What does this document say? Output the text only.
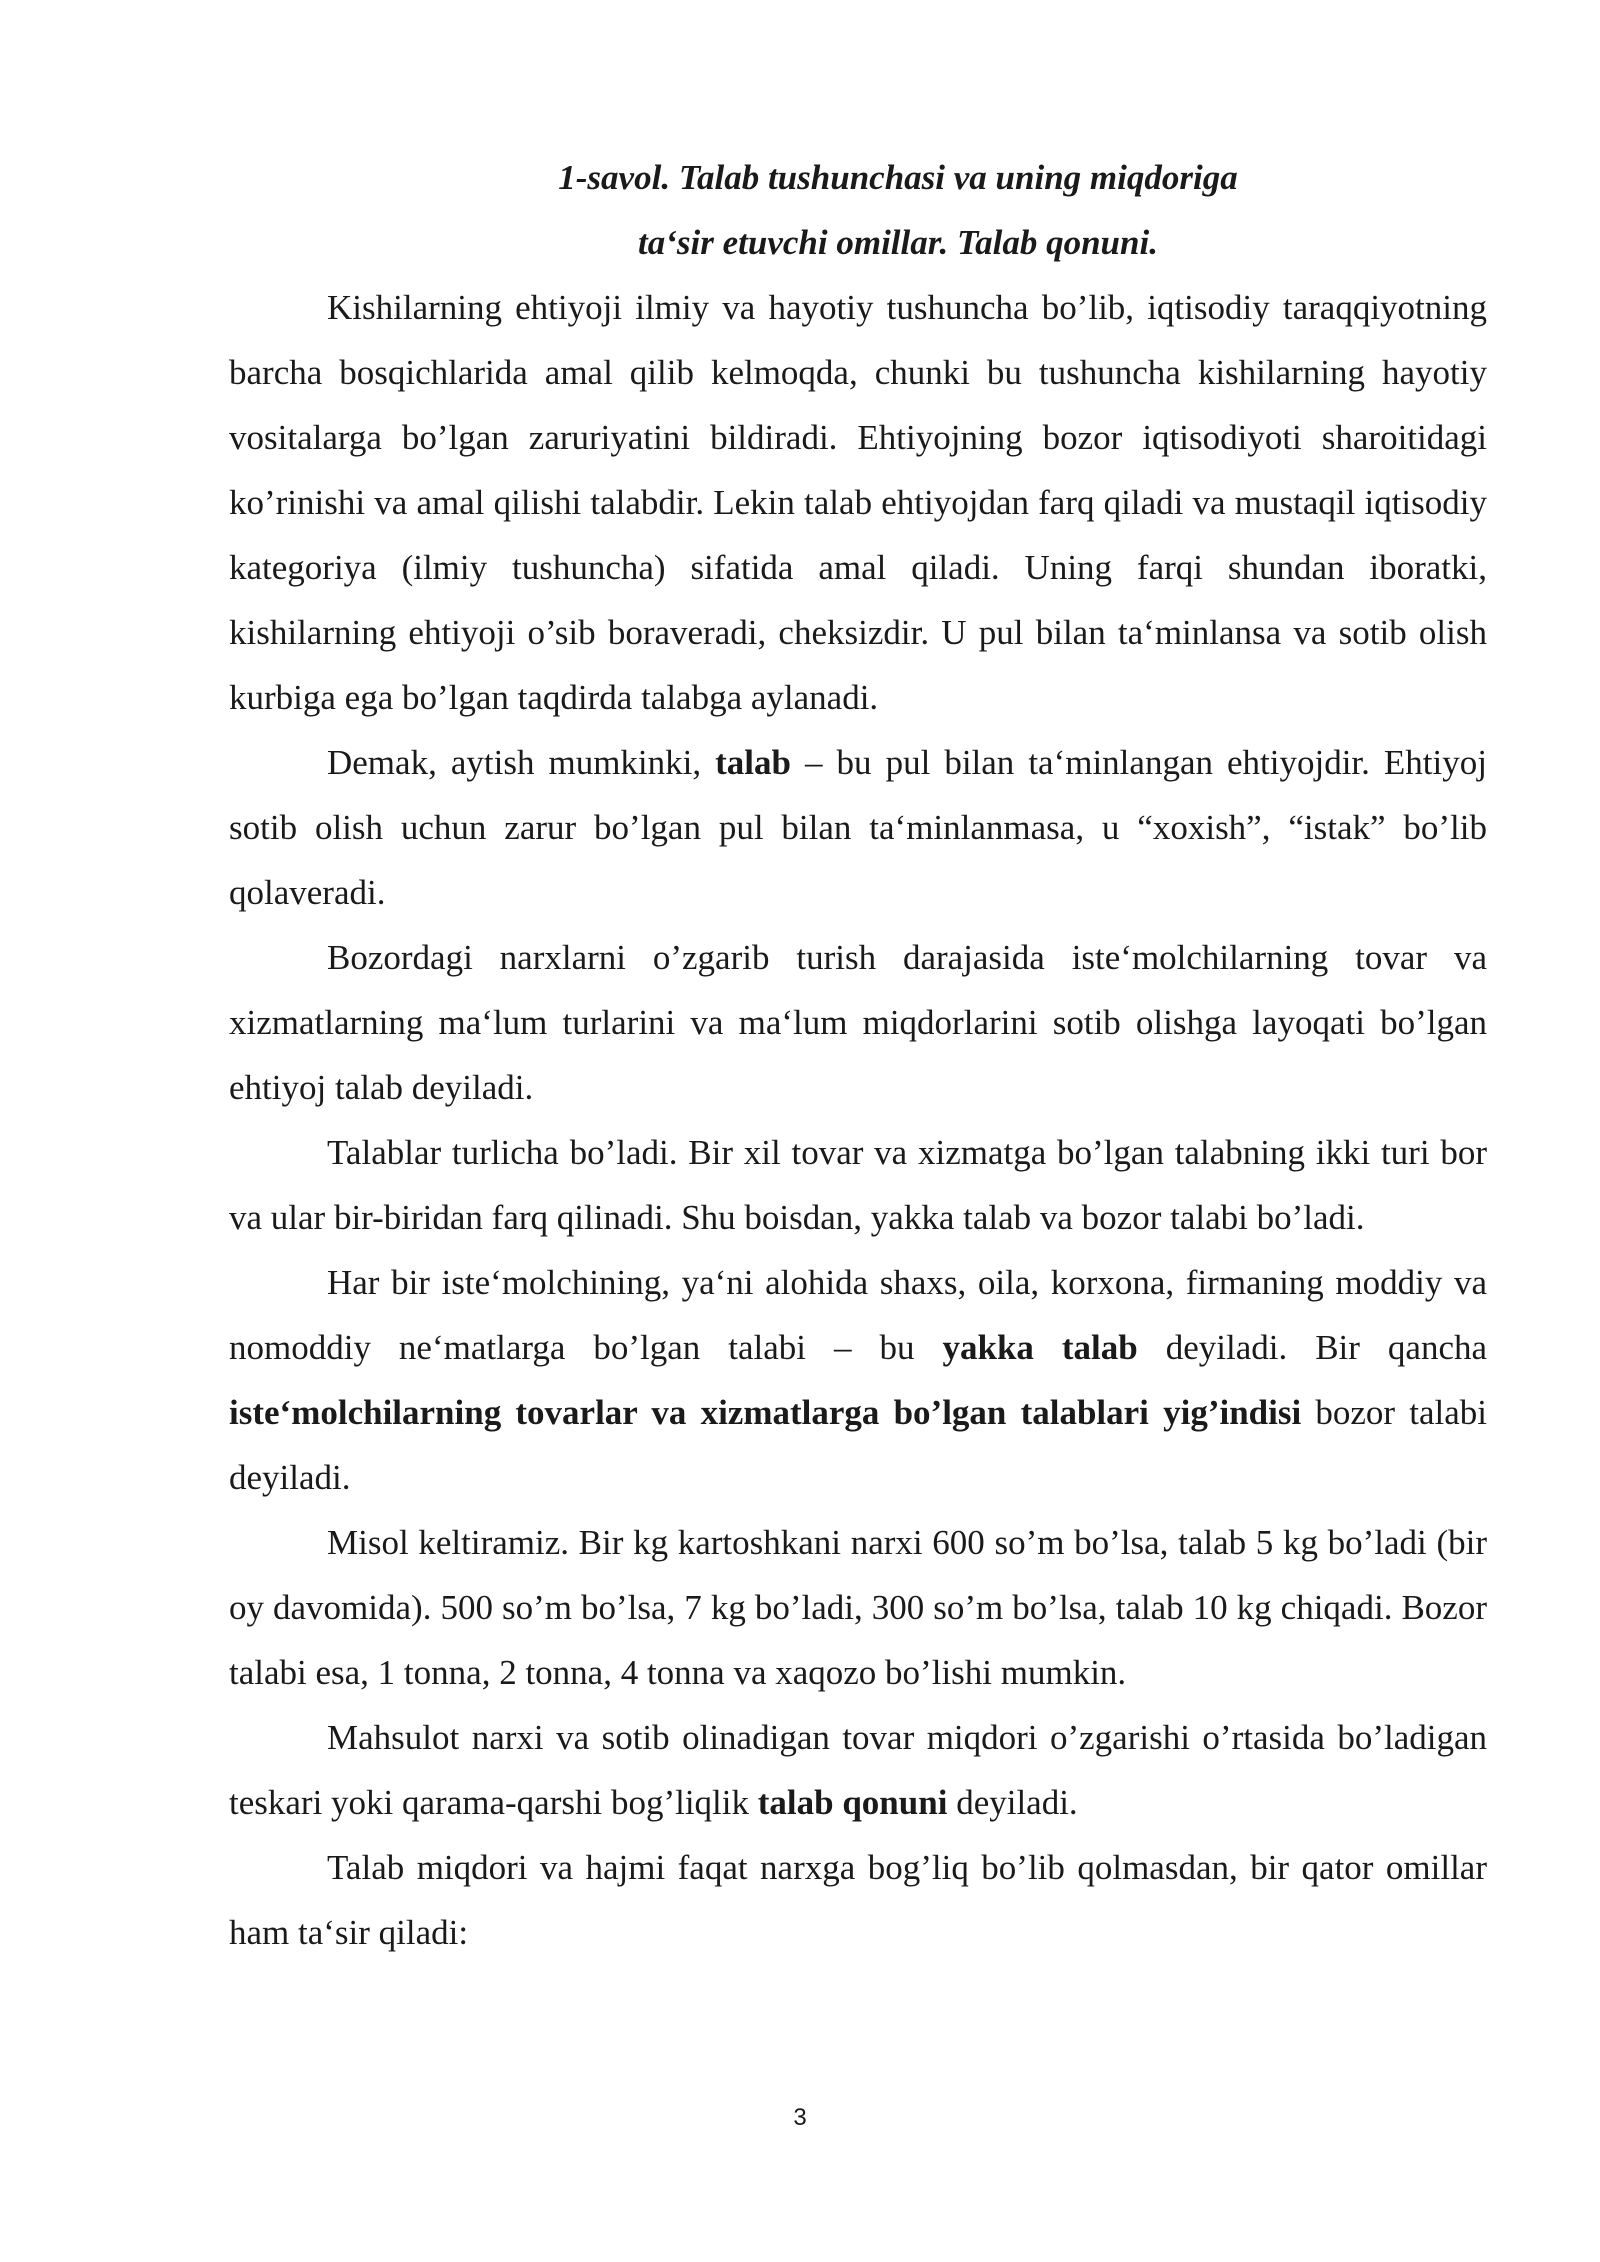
1-savol. Talab tushunchasi va uning miqdoriga
ta‘sir etuvchi omillar. Talab qonuni.

Kishilarning ehtiyoji ilmiy va hayotiy tushuncha bo’lib, iqtisodiy taraqqiyotning barcha bosqichlarida amal qilib kelmoqda, chunki bu tushuncha kishilarning hayotiy vositalarga bo’lgan zaruriyatini bildiradi. Ehtiyojning bozor iqtisodiyoti sharoitidagi ko’rinishi va amal qilishi talabdir. Lekin talab ehtiyojdan farq qiladi va mustaqil iqtisodiy kategoriya (ilmiy tushuncha) sifatida amal qiladi. Uning farqi shundan iboratki, kishilarning ehtiyoji o’sib boraveradi, cheksizdir. U pul bilan ta‘minlansa va sotib olish kurbiga ega bo’lgan taqdirda talabga aylanadi.

Demak, aytish mumkinki, talab – bu pul bilan ta‘minlangan ehtiyojdir. Ehtiyoj sotib olish uchun zarur bo’lgan pul bilan ta‘minlanmasa, u “xoxish”, “istak” bo’lib qolaveradi.

Bozordagi narxlarni o’zgarib turish darajasida iste‘molchilarning tovar va xizmatlarning ma‘lum turlarini va ma‘lum miqdorlarini sotib olishga layoqati bo’lgan ehtiyoj talab deyiladi.

Talablar turlicha bo’ladi. Bir xil tovar va xizmatga bo’lgan talabning ikki turi bor va ular bir-biridan farq qilinadi. Shu boisdan, yakka talab va bozor talabi bo’ladi.

Har bir iste‘molchining, ya‘ni alohida shaxs, oila, korxona, firmaning moddiy va nomoddiy ne‘matlarga bo’lgan talabi – bu yakka talab deyiladi. Bir qancha iste‘molchilarning tovarlar va xizmatlarga bo’lgan talablari yig’indisi bozor talabi deyiladi.

Misol keltiramiz. Bir kg kartoshkani narxi 600 so’m bo’lsa, talab 5 kg bo’ladi (bir oy davomida). 500 so’m bo’lsa, 7 kg bo’ladi, 300 so’m bo’lsa, talab 10 kg chiqadi. Bozor talabi esa, 1 tonna, 2 tonna, 4 tonna va xaqozo bo’lishi mumkin.

Mahsulot narxi va sotib olinadigan tovar miqdori o’zgarishi o’rtasida bo’ladigan teskari yoki qarama-qarshi bog’liqlik talab qonuni deyiladi.

Talab miqdori va hajmi faqat narxga bog’liq bo’lib qolmasdan, bir qator omillar ham ta‘sir qiladi:

3
